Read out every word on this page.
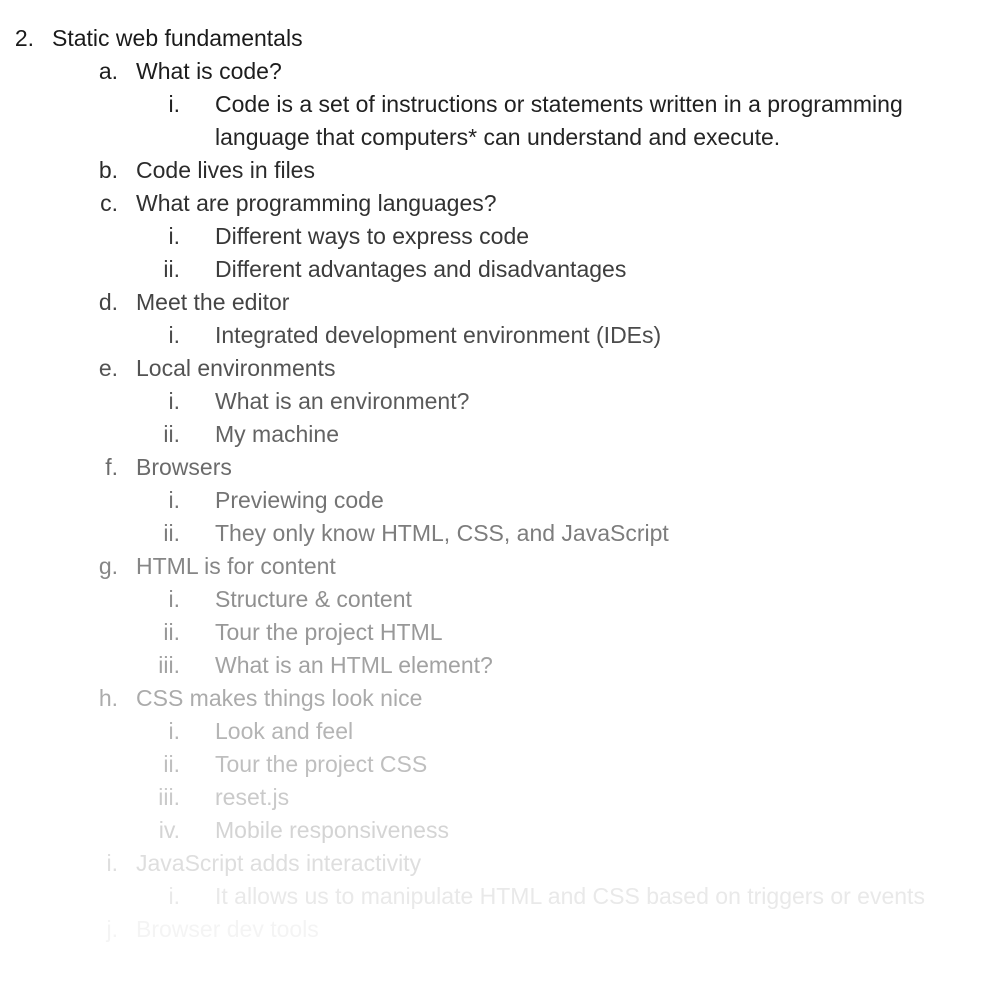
2. Static web fundamentals
a. What is code?
i. Code is a set of instructions or statements written in a programming
language that computers* can understand and execute.
b. Code lives in files
c. What are programming languages?
i. Different ways to express code
ii. Different advantages and disadvantages
d. Meet the editor
i. Integrated development environment (IDEs)
e. Local environments
i. What is an environment?
ii. My machine
f. Browsers
i. Previewing code
ii. They only know HTML, CSS, and JavaScript
g. HTML is for content
i. Structure & content
ii. Tour the project HTML
iii. What is an HTML element?
h. CSS makes things look nice
i. Look and feel
ii. Tour the project CSS
iii. reset.js
iv. Mobile responsiveness
i. JavaScript adds interactivity
i. It allows us to manipulate HTML and CSS based on triggers or events
j. Browser dev tools
